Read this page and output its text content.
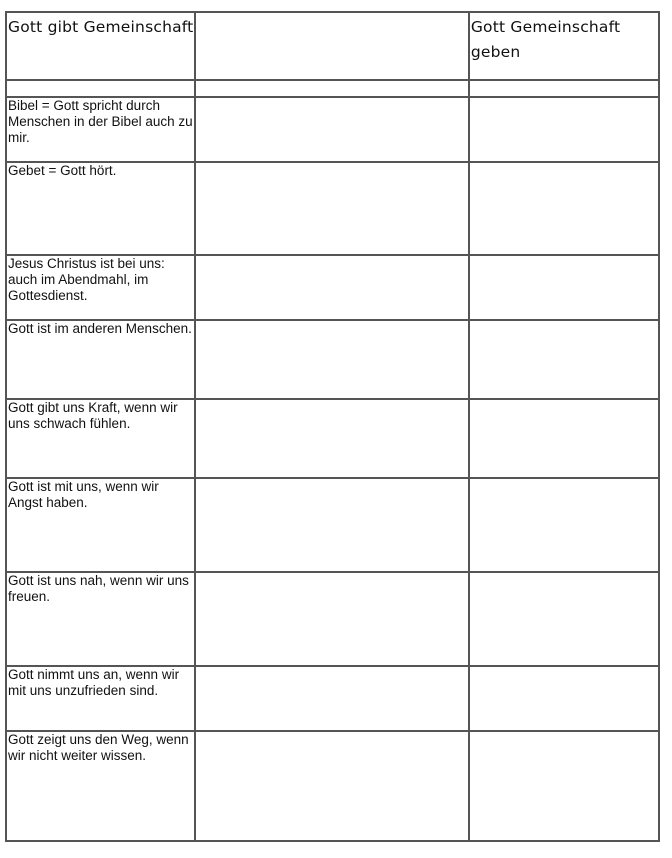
Gott gibt Gemeinschaft		Gott Gemeinschaft geben

Bibel = Gott spricht durch Menschen in der Bibel auch zu mir.		
Gebet = Gott hört.		
Jesus Christus ist bei uns: auch im Abendmahl, im Gottesdienst.		
Gott ist im anderen Menschen.		
Gott gibt uns Kraft, wenn wir uns schwach fühlen.		
Gott ist mit uns, wenn wir Angst haben.		
Gott ist uns nah, wenn wir uns freuen.		
Gott nimmt uns an, wenn wir mit uns unzufrieden sind.		
Gott zeigt uns den Weg, wenn wir nicht weiter wissen.		
